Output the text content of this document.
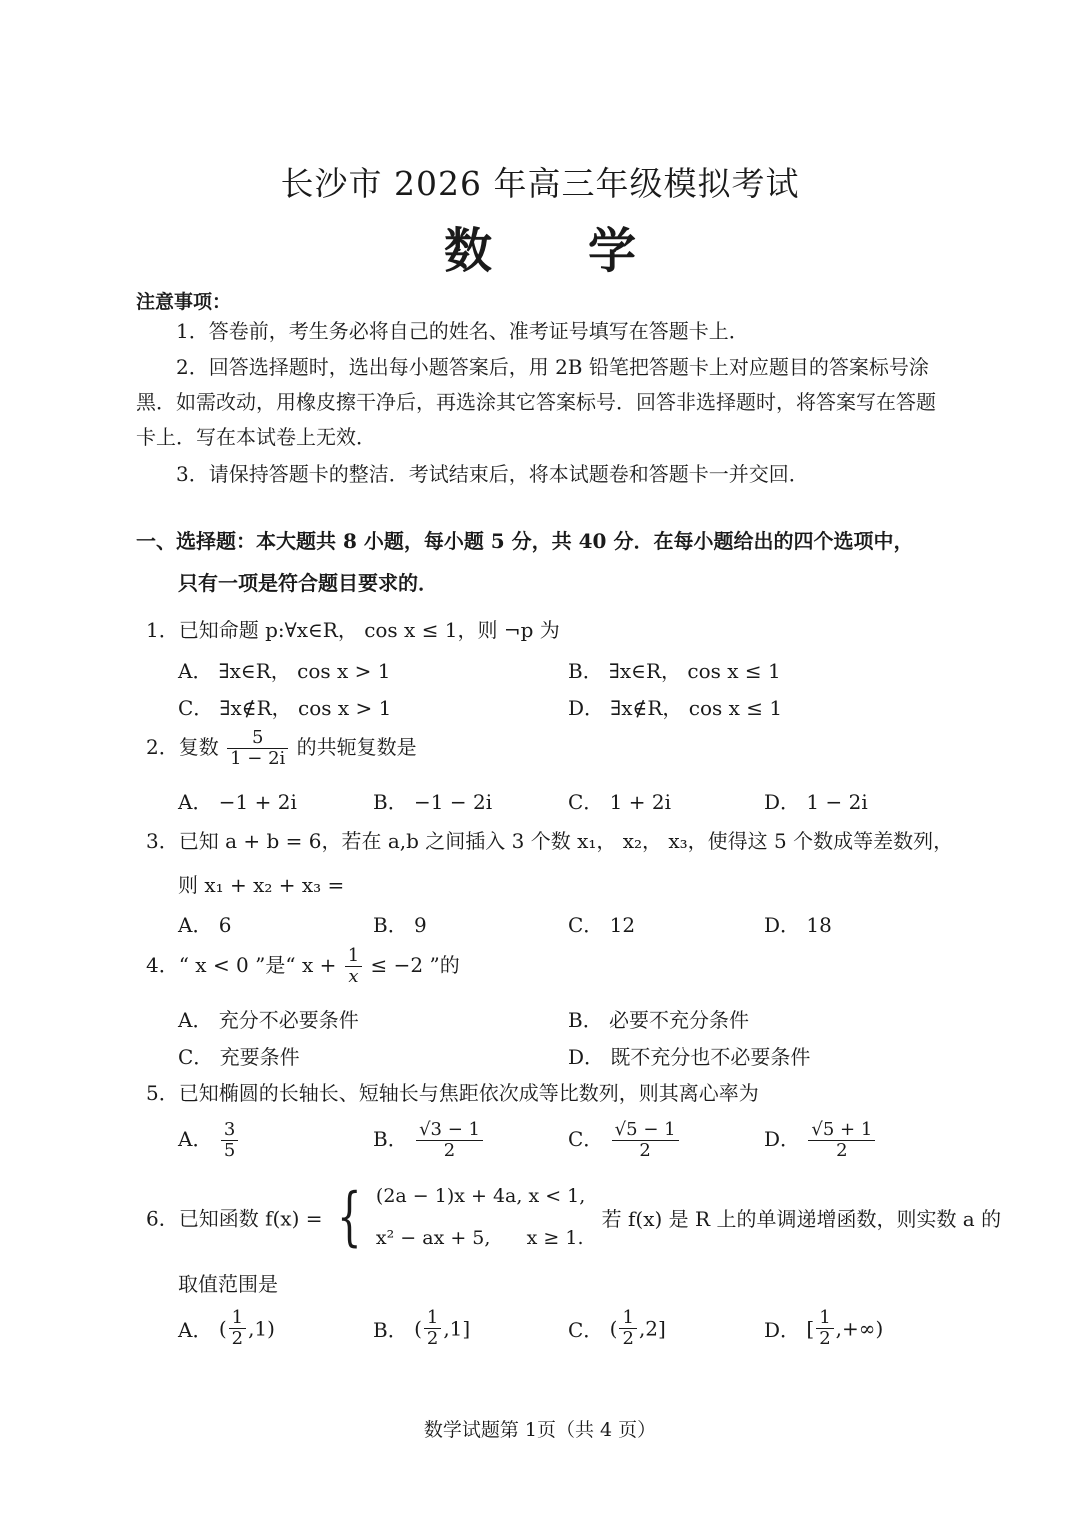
长沙市 2026 年高三年级模拟考试
数学
注意事项：
1．答卷前，考生务必将自己的姓名、准考证号填写在答题卡上．
2．回答选择题时，选出每小题答案后，用 2B 铅笔把答题卡上对应题目的答案标号涂黑．如需改动，用橡皮擦干净后，再选涂其它答案标号．回答非选择题时，将答案写在答题卡上．写在本试卷上无效．
3．请保持答题卡的整洁．考试结束后，将本试题卷和答题卡一并交回．
一、选择题：本大题共 8 小题，每小题 5 分，共 40 分．在每小题给出的四个选项中，
只有一项是符合题目要求的．
1．已知命题 p:∀x∈R， cos x ≤ 1，则 ¬p 为
A． ∃x∈R， cos x > 1	B． ∃x∈R， cos x ≤ 1
C． ∃x∉R， cos x > 1	D． ∃x∉R， cos x ≤ 1
2．复数 $\frac{5}{1 - 2i}$ 的共轭复数是
A． −1 + 2i	B． −1 − 2i	C． 1 + 2i	D． 1 − 2i
3．已知 a + b = 6，若在 a,b 之间插入 3 个数 x₁， x₂， x₃，使得这 5 个数成等差数列，
则 x₁ + x₂ + x₃ =
A． 6	B． 9	C． 12	D． 18
4．“ x < 0 ”是“ $x + \frac{1}{x} \le -2$ ”的
A． 充分不必要条件	B． 必要不充分条件
C． 充要条件	D． 既不充分也不必要条件
5．已知椭圆的长轴长、短轴长与焦距依次成等比数列，则其离心率为
A． $\frac{3}{5}$	B． $\frac{√3 - 1}{2}$	C． $\frac{√5 - 1}{2}$	D． $\frac{√5 + 1}{2}$
6．已知函数 f(x) = { (2a − 1)x + 4a, x < 1,
x² − ax + 5,      x ≥ 1.
若 f(x) 是 R 上的单调递增函数，则实数 a 的
取值范围是
A． ( $\frac{1}{2} ,1$)	B． ( $\frac{1}{2} ,1$]	C． ( $\frac{1}{2} ,2$]	D． [ $\frac{1}{2}$ ,+∞)
数学试题第 1页（共 4 页）
